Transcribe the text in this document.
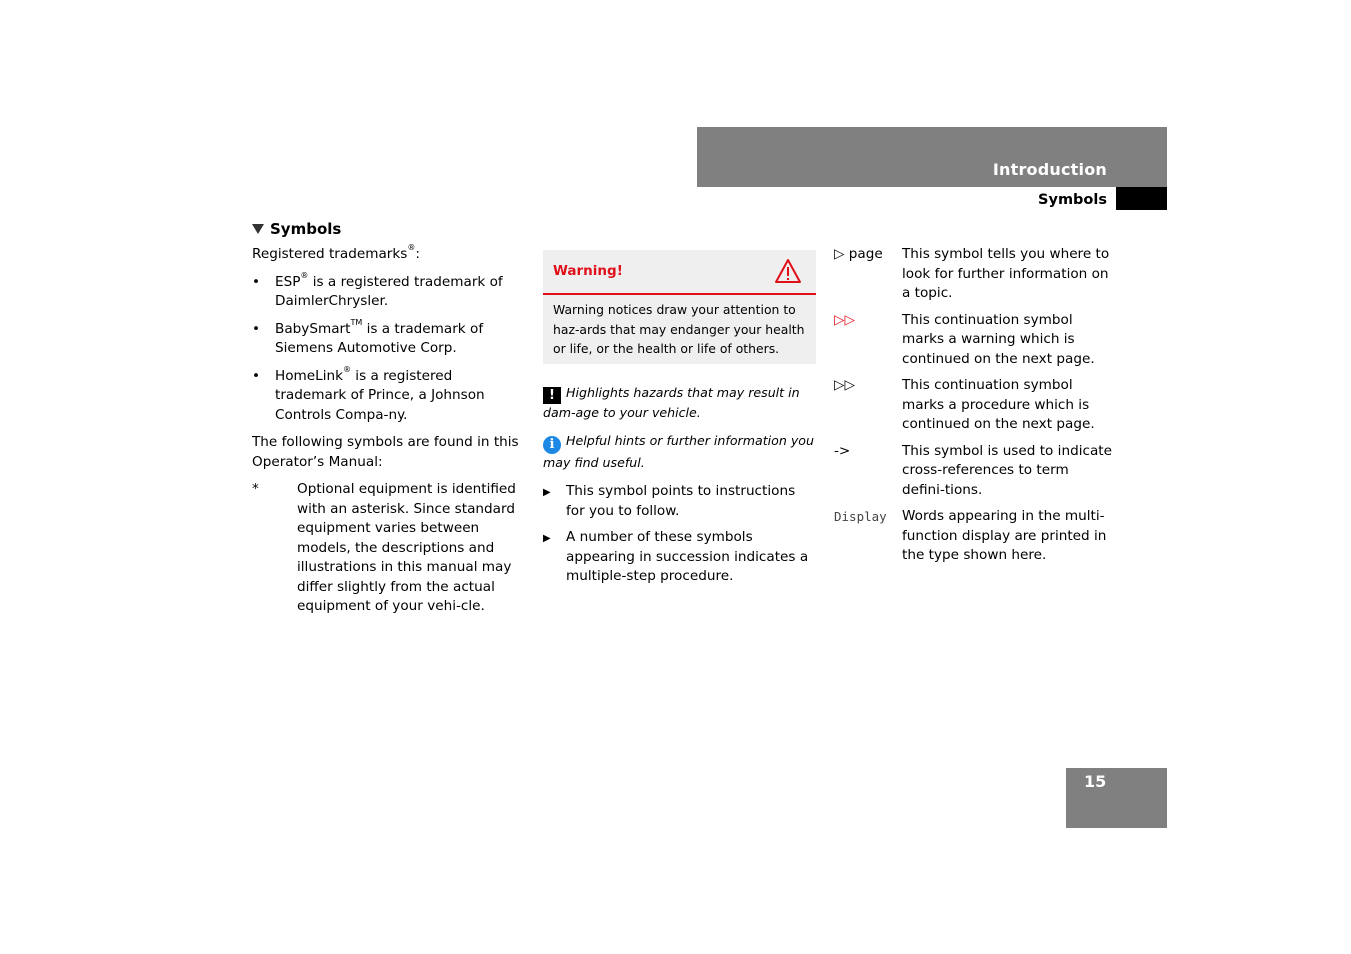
Introduction
Symbols
Symbols

Registered trademarks®:

•	ESP® is a registered trademark of DaimlerChrysler.
•	BabySmart™ is a trademark of Siemens Automotive Corp.
•	HomeLink® is a registered trademark of Prince, a Johnson Controls Compa-ny.

The following symbols are found in this Operator’s Manual:

*	Optional equipment is identified with an asterisk. Since standard equipment varies between models, the descriptions and illustrations in this manual may differ slightly from the actual equipment of your vehi-cle.
Warning!
Warning notices draw your attention to haz-ards that may endanger your health or life, or the health or life of others.
! Highlights hazards that may result in dam-age to your vehicle.
i Helpful hints or further information you may find useful.
▶	This symbol points to instructions for you to follow.
▶	A number of these symbols appearing in succession indicates a multiple-step procedure.
▷ page	This symbol tells you where to look for further information on a topic.
▷▷	This continuation symbol marks a warning which is continued on the next page.
▷▷	This continuation symbol marks a procedure which is continued on the next page.
->	This symbol is used to indicate cross-references to term defini-tions.
Display	Words appearing in the multi-function display are printed in the type shown here.
15
